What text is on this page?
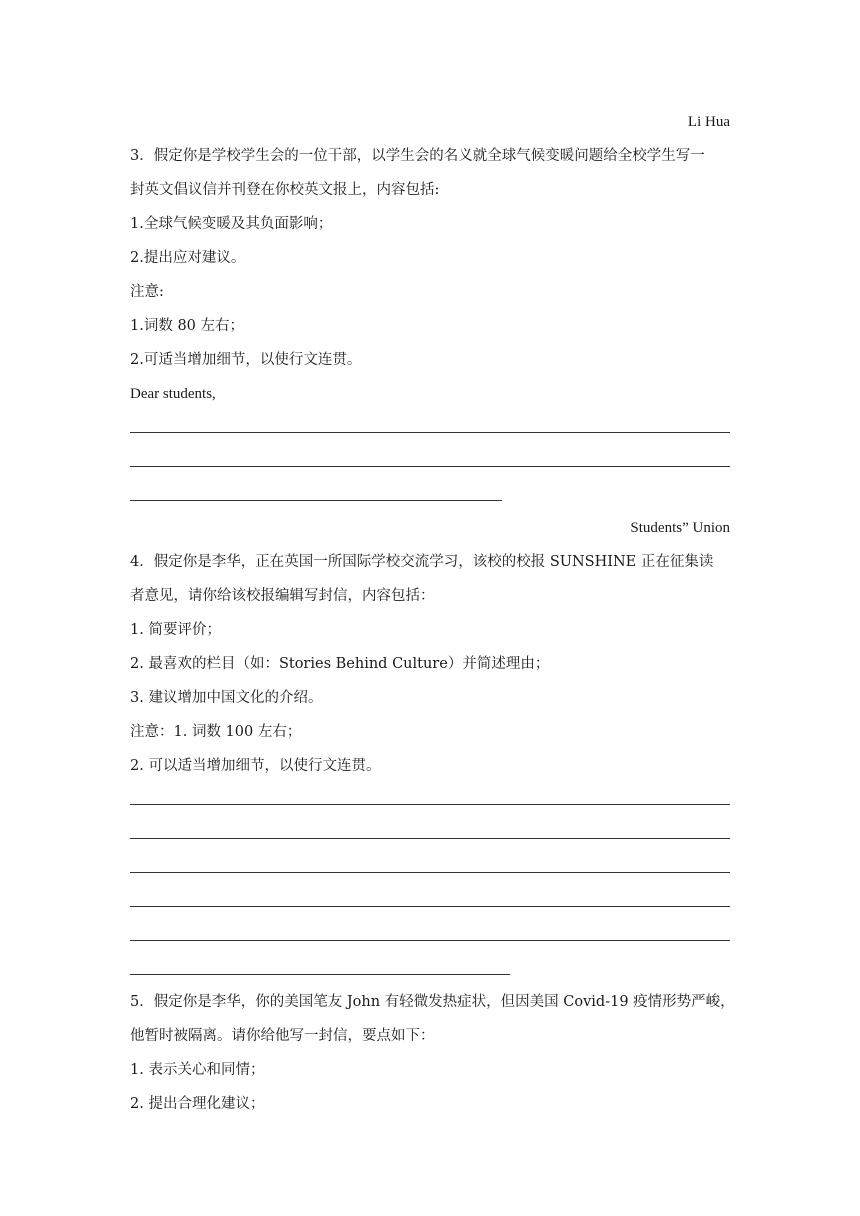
Li Hua
3．假定你是学校学生会的一位干部，以学生会的名义就全球气候变暖问题给全校学生写一
封英文倡议信并刊登在你校英文报上，内容包括:
1.全球气候变暖及其负面影响；
2.提出应对建议。
注意:
1.词数 80 左右；
2.可适当增加细节，以使行文连贯。
Dear students,
Students” Union
4．假定你是李华，正在英国一所国际学校交流学习，该校的校报 SUNSHINE 正在征集读
者意见，请你给该校报编辑写封信，内容包括：
1. 简要评价；
2. 最喜欢的栏目（如：Stories Behind Culture）并简述理由；
3. 建议增加中国文化的介绍。
注意：1. 词数 100 左右；
2. 可以适当增加细节，以使行文连贯。
5．假定你是李华，你的美国笔友 John 有轻微发热症状，但因美国 Covid-19 疫情形势严峻，
他暂时被隔离。请你给他写一封信，要点如下：
1. 表示关心和同情；
2. 提出合理化建议；
